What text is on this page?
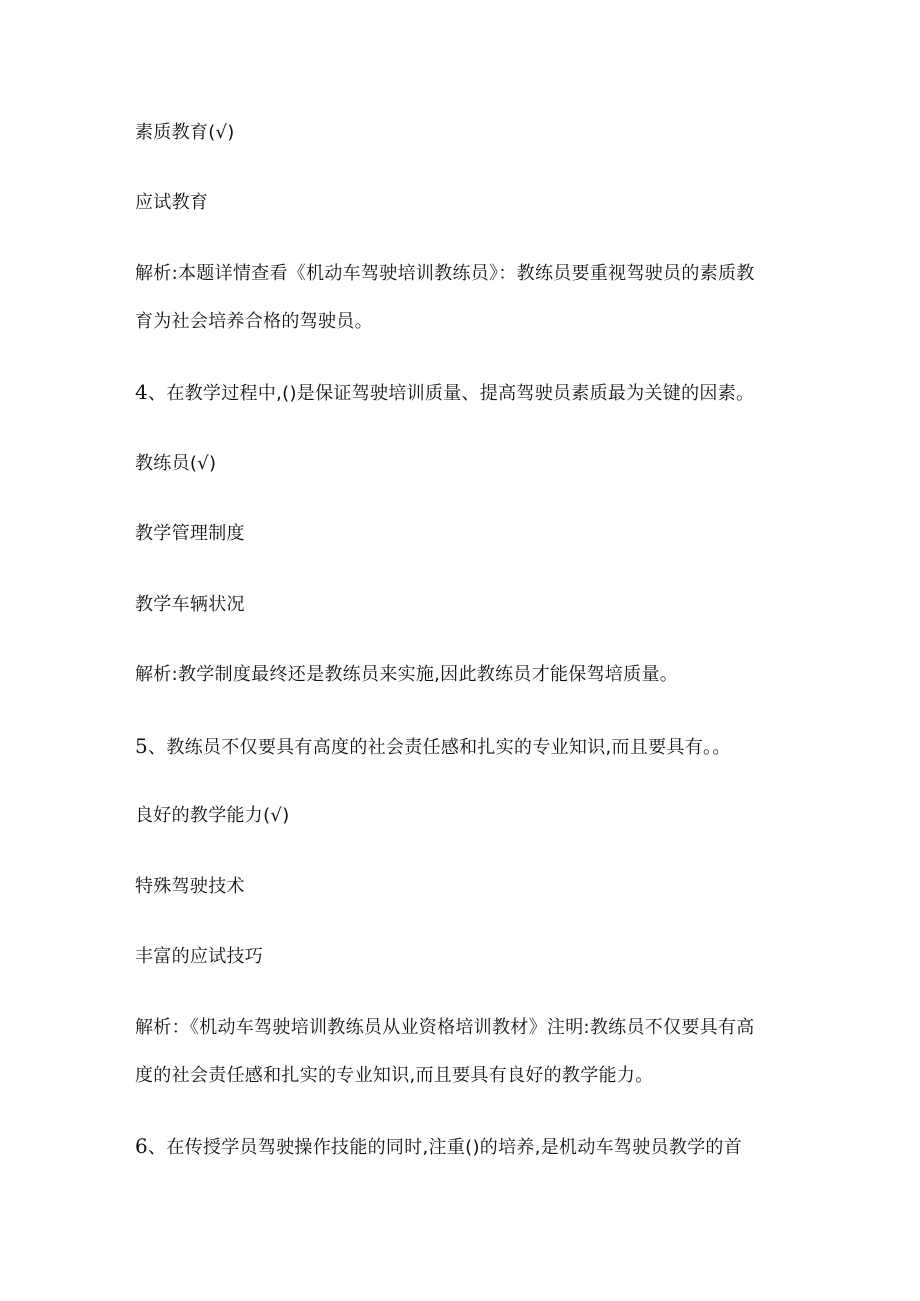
素质教育(√)
应试教育
解析:本题详情查看《机动车驾驶培训教练员》：教练员要重视驾驶员的素质教
育为社会培养合格的驾驶员。
4、在教学过程中,()是保证驾驶培训质量、提高驾驶员素质最为关键的因素。
教练员(√)
教学管理制度
教学车辆状况
解析:教学制度最终还是教练员来实施,因此教练员才能保驾培质量。
5、教练员不仅要具有高度的社会责任感和扎实的专业知识,而且要具有。。
良好的教学能力(√)
特殊驾驶技术
丰富的应试技巧
解析：《机动车驾驶培训教练员从业资格培训教材》注明:教练员不仅要具有高
度的社会责任感和扎实的专业知识,而且要具有良好的教学能力。
6、在传授学员驾驶操作技能的同时,注重()的培养,是机动车驾驶员教学的首
